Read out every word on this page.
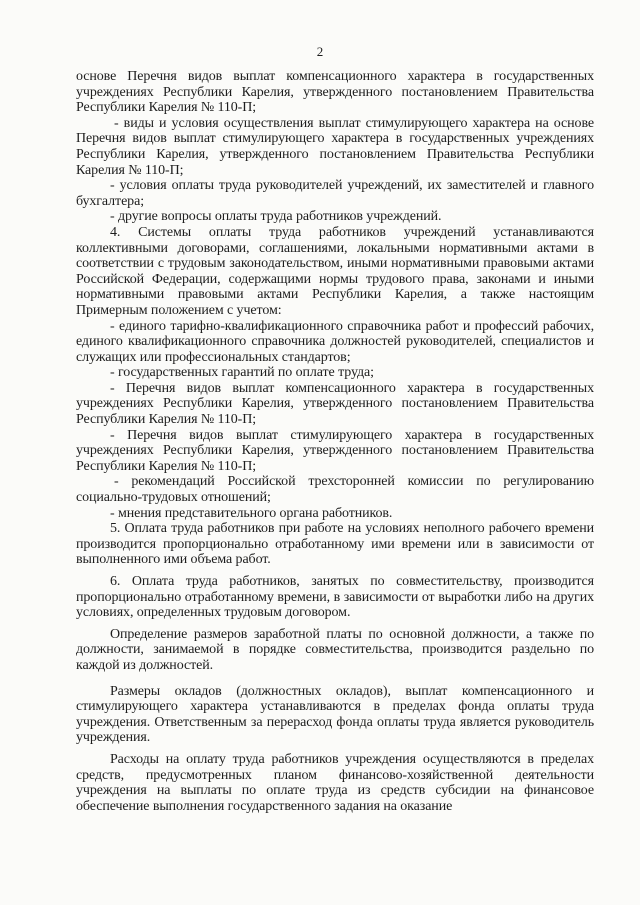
2

основе Перечня видов выплат компенсационного характера в государственных учреждениях Республики Карелия, утвержденного постановлением Правительства Республики Карелия № 110-П;

- виды и условия осуществления выплат стимулирующего характера на основе Перечня видов выплат стимулирующего характера в государственных учреждениях Республики Карелия, утвержденного постановлением Правительства Республики Карелия № 110-П;

- условия оплаты труда руководителей учреждений, их заместителей и главного бухгалтера;

- другие вопросы оплаты труда работников учреждений.

4. Системы оплаты труда работников учреждений устанавливаются коллективными договорами, соглашениями, локальными нормативными актами в соответствии с трудовым законодательством, иными нормативными правовыми актами Российской Федерации, содержащими нормы трудового права, законами и иными нормативными правовыми актами Республики Карелия, а также настоящим Примерным положением с учетом:

- единого тарифно-квалификационного справочника работ и профессий рабочих, единого квалификационного справочника должностей руководителей, специалистов и служащих или профессиональных стандартов;

- государственных гарантий по оплате труда;

- Перечня видов выплат компенсационного характера в государственных учреждениях Республики Карелия, утвержденного постановлением Правительства Республики Карелия № 110-П;

- Перечня видов выплат стимулирующего характера в государственных учреждениях Республики Карелия, утвержденного постановлением Правительства Республики Карелия № 110-П;

- рекомендаций Российской трехсторонней комиссии по регулированию социально-трудовых отношений;

- мнения представительного органа работников.

5. Оплата труда работников при работе на условиях неполного рабочего времени производится пропорционально отработанному ими времени или в зависимости от выполненного ими объема работ.

6. Оплата труда работников, занятых по совместительству, производится пропорционально отработанному времени, в зависимости от выработки либо на других условиях, определенных трудовым договором.

Определение размеров заработной платы по основной должности, а также по должности, занимаемой в порядке совместительства, производится раздельно по каждой из должностей.

Размеры окладов (должностных окладов), выплат компенсационного и стимулирующего характера устанавливаются в пределах фонда оплаты труда учреждения. Ответственным за перерасход фонда оплаты труда является руководитель учреждения.

Расходы на оплату труда работников учреждения осуществляются в пределах средств, предусмотренных планом финансово-хозяйственной деятельности учреждения на выплаты по оплате труда из средств субсидии на финансовое обеспечение выполнения государственного задания на оказание
